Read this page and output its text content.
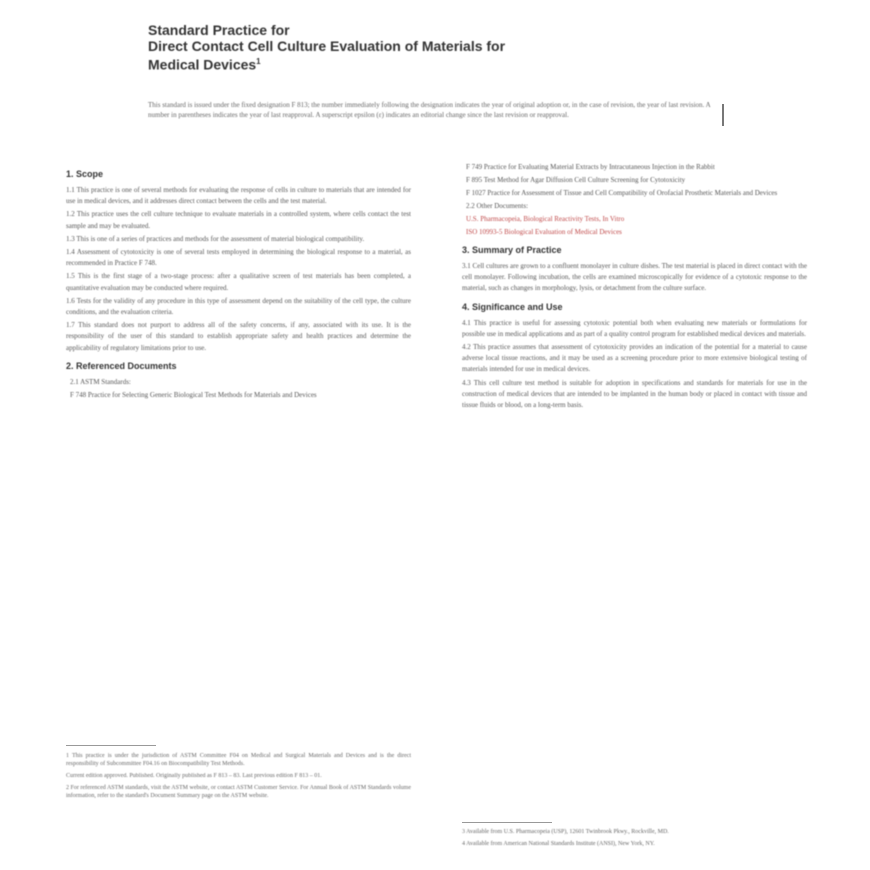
Standard Practice for
Direct Contact Cell Culture Evaluation of Materials for
Medical Devices$^1$
This standard is issued under the fixed designation F 813; the number immediately following the designation indicates the year of original adoption or, in the case of revision, the year of last revision. A number in parentheses indicates the year of last reapproval. A superscript epsilon (ε) indicates an editorial change since the last revision or reapproval.
1. Scope

1.1 This practice is one of several methods for evaluating the response of cells in culture to materials that are intended for use in medical devices, and it addresses direct contact between the cells and the test material.

1.2 This practice uses the cell culture technique to evaluate materials in a controlled system, where cells contact the test sample and may be evaluated.

1.3 This is one of a series of practices and methods for the assessment of material biological compatibility.

1.4 Assessment of cytotoxicity is one of several tests employed in determining the biological response to a material, as recommended in Practice F 748.

1.5 This is the first stage of a two-stage process: after a qualitative screen of test materials has been completed, a quantitative evaluation may be conducted where required.

1.6 Tests for the validity of any procedure in this type of assessment depend on the suitability of the cell type, the culture conditions, and the evaluation criteria.

1.7 This standard does not purport to address all of the safety concerns, if any, associated with its use. It is the responsibility of the user of this standard to establish appropriate safety and health practices and determine the applicability of regulatory limitations prior to use.

2. Referenced Documents
2.1 ASTM Standards:
F 748 Practice for Selecting Generic Biological Test Methods for Materials and Devices
F 749 Practice for Evaluating Material Extracts by Intracutaneous Injection in the Rabbit
F 895 Test Method for Agar Diffusion Cell Culture Screening for Cytotoxicity
F 1027 Practice for Assessment of Tissue and Cell Compatibility of Orofacial Prosthetic Materials and Devices
2.2 Other Documents:
U.S. Pharmacopeia, Biological Reactivity Tests, In Vitro
ISO 10993-5 Biological Evaluation of Medical Devices
3. Summary of Practice

3.1 Cell cultures are grown to a confluent monolayer in culture dishes. The test material is placed in direct contact with the cell monolayer. Following incubation, the cells are examined microscopically for evidence of a cytotoxic response to the material, such as changes in morphology, lysis, or detachment from the culture surface.

4. Significance and Use

4.1 This practice is useful for assessing cytotoxic potential both when evaluating new materials or formulations for possible use in medical applications and as part of a quality control program for established medical devices and materials.

4.2 This practice assumes that assessment of cytotoxicity provides an indication of the potential for a material to cause adverse local tissue reactions, and it may be used as a screening procedure prior to more extensive biological testing of materials intended for use in medical devices.

4.3 This cell culture test method is suitable for adoption in specifications and standards for materials for use in the construction of medical devices that are intended to be implanted in the human body or placed in contact with tissue and tissue fluids or blood, on a long-term basis.

1 This practice is under the jurisdiction of ASTM Committee F04 on Medical and Surgical Materials and Devices and is the direct responsibility of Subcommittee F04.16 on Biocompatibility Test Methods.

Current edition approved. Published. Originally published as F 813 – 83. Last previous edition F 813 – 01.

2 For referenced ASTM standards, visit the ASTM website, or contact ASTM Customer Service. For Annual Book of ASTM Standards volume information, refer to the standard's Document Summary page on the ASTM website.

3 Available from U.S. Pharmacopeia (USP), 12601 Twinbrook Pkwy., Rockville, MD.

4 Available from American National Standards Institute (ANSI), New York, NY.
